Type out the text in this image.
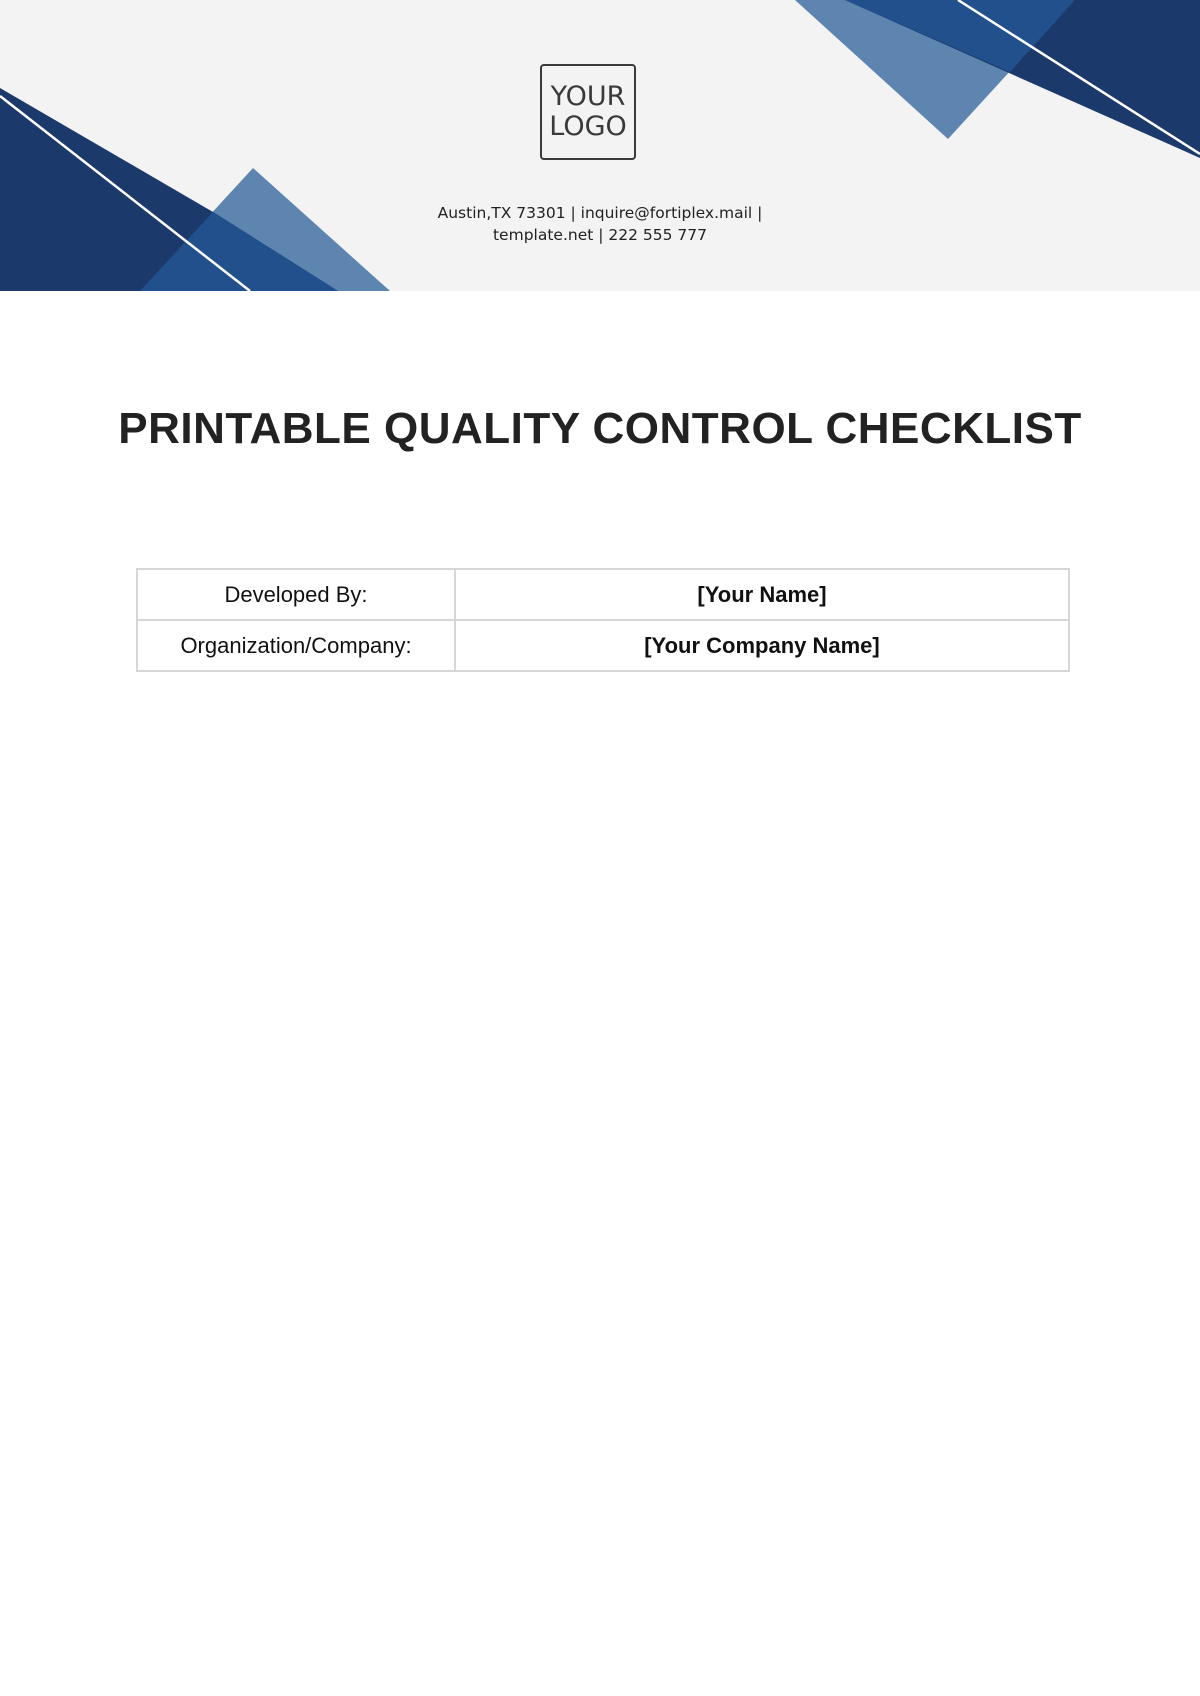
YOUR
LOGO
Austin,TX 73301 | inquire@fortiplex.mail |
template.net | 222 555 777
PRINTABLE QUALITY CONTROL CHECKLIST
Developed By:	[Your Name]
Organization/Company:	[Your Company Name]
